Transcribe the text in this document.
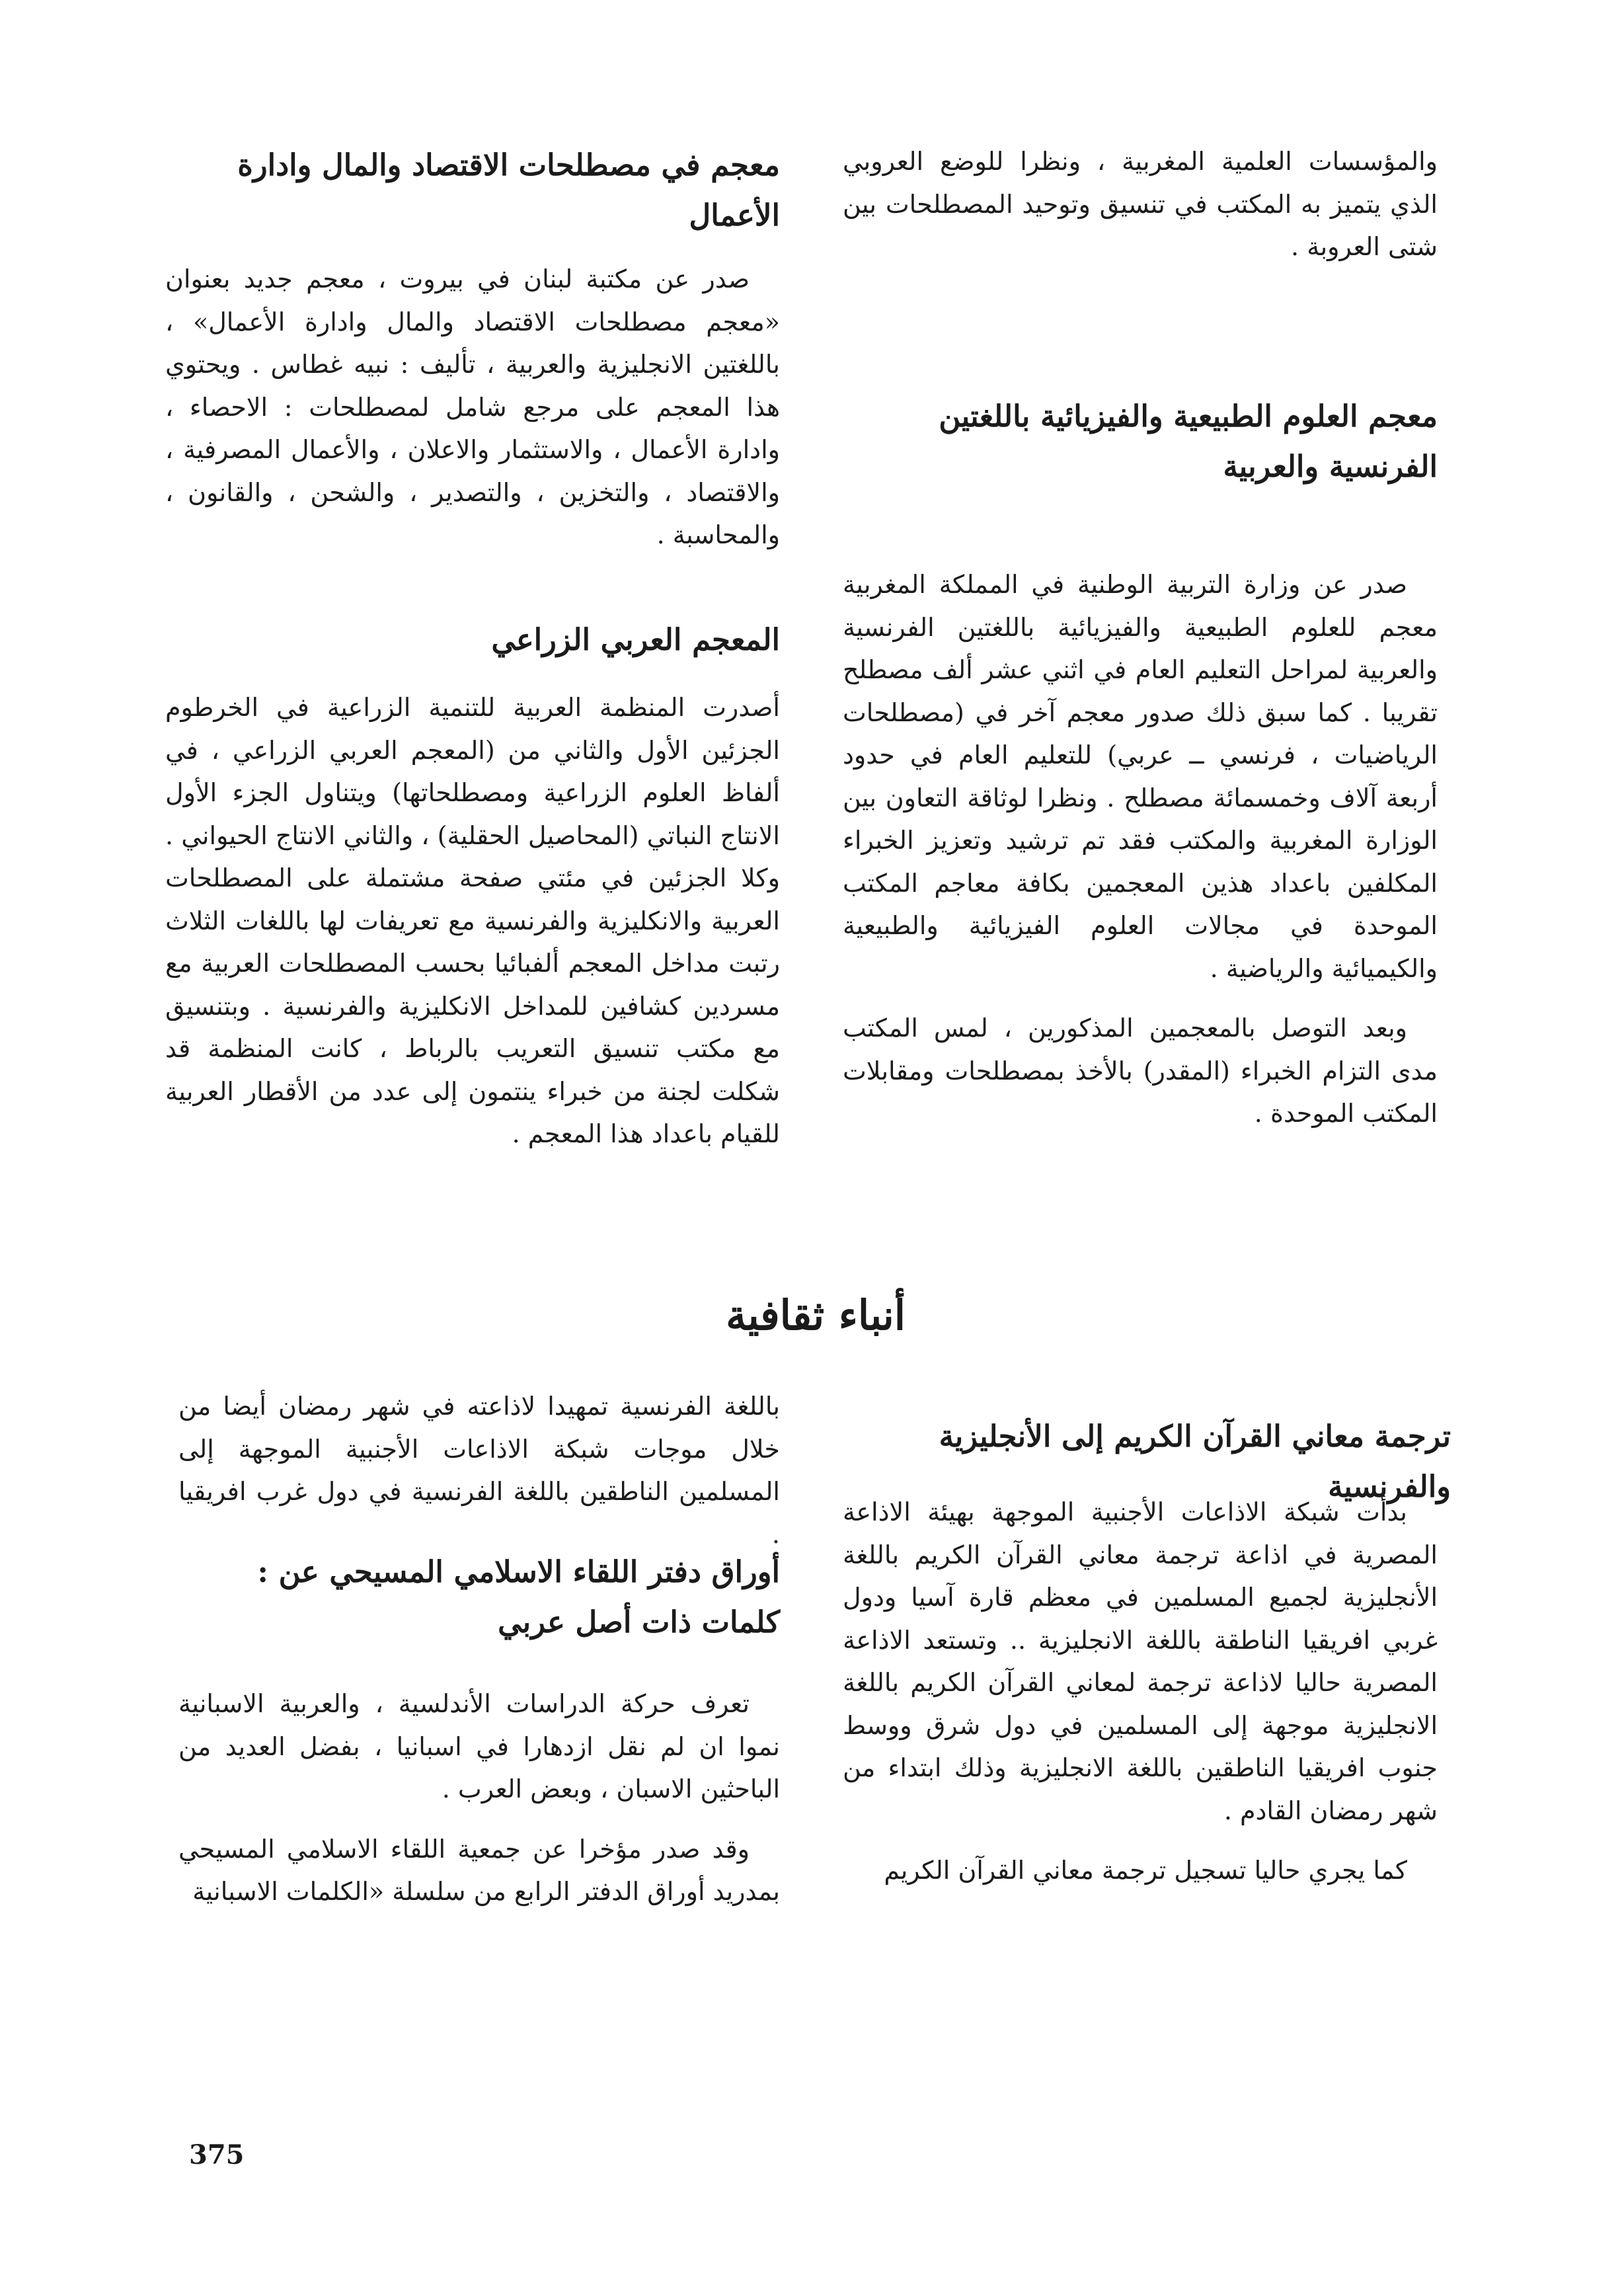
والمؤسسات العلمية المغربية ، ونظرا للوضع العروبي الذي يتميز به المكتب في تنسيق وتوحيد المصطلحات بين شتى العروبة .

معجم العلوم الطبيعية والفيزيائية باللغتين الفرنسية والعربية

صدر عن وزارة التربية الوطنية في المملكة المغربية معجم للعلوم الطبيعية والفيزيائية باللغتين الفرنسية والعربية لمراحل التعليم العام في اثني عشر ألف مصطلح تقريبا . كما سبق ذلك صدور معجم آخر في (مصطلحات الرياضيات ، فرنسي ــ عربي) للتعليم العام في حدود أربعة آلاف وخمسمائة مصطلح . ونظرا لوثاقة التعاون بين الوزارة المغربية والمكتب فقد تم ترشيد وتعزيز الخبراء المكلفين باعداد هذين المعجمين بكافة معاجم المكتب الموحدة في مجالات العلوم الفيزيائية والطبيعية والكيميائية والرياضية .

وبعد التوصل بالمعجمين المذكورين ، لمس المكتب مدى التزام الخبراء (المقدر) بالأخذ بمصطلحات ومقابلات المكتب الموحدة .

معجم في مصطلحات الاقتصاد والمال وادارة الأعمال

صدر عن مكتبة لبنان في بيروت ، معجم جديد بعنوان «معجم مصطلحات الاقتصاد والمال وادارة الأعمال» ، باللغتين الانجليزية والعربية ، تأليف : نبيه غطاس . ويحتوي هذا المعجم على مرجع شامل لمصطلحات : الاحصاء ، وادارة الأعمال ، والاستثمار والاعلان ، والأعمال المصرفية ، والاقتصاد ، والتخزين ، والتصدير ، والشحن ، والقانون ، والمحاسبة .

المعجم العربي الزراعي

أصدرت المنظمة العربية للتنمية الزراعية في الخرطوم الجزئين الأول والثاني من (المعجم العربي الزراعي ، في ألفاظ العلوم الزراعية ومصطلحاتها) ويتناول الجزء الأول الانتاج النباتي (المحاصيل الحقلية) ، والثاني الانتاج الحيواني . وكلا الجزئين في مئتي صفحة مشتملة على المصطلحات العربية والانكليزية والفرنسية مع تعريفات لها باللغات الثلاث رتبت مداخل المعجم ألفبائيا بحسب المصطلحات العربية مع مسردين كشافين للمداخل الانكليزية والفرنسية . وبتنسيق مع مكتب تنسيق التعريب بالرباط ، كانت المنظمة قد شكلت لجنة من خبراء ينتمون إلى عدد من الأقطار العربية للقيام باعداد هذا المعجم .

أنباء ثقافية
ترجمة معاني القرآن الكريم إلى الأنجليزية والفرنسية

بدأت شبكة الاذاعات الأجنبية الموجهة بهيئة الاذاعة المصرية في اذاعة ترجمة معاني القرآن الكريم باللغة الأنجليزية لجميع المسلمين في معظم قارة آسيا ودول غربي افريقيا الناطقة باللغة الانجليزية .. وتستعد الاذاعة المصرية حاليا لاذاعة ترجمة لمعاني القرآن الكريم باللغة الانجليزية موجهة إلى المسلمين في دول شرق ووسط جنوب افريقيا الناطقين باللغة الانجليزية وذلك ابتداء من شهر رمضان القادم .

كما يجري حاليا تسجيل ترجمة معاني القرآن الكريم

باللغة الفرنسية تمهيدا لاذاعته في شهر رمضان أيضا من خلال موجات شبكة الاذاعات الأجنبية الموجهة إلى المسلمين الناطقين باللغة الفرنسية في دول غرب افريقيا .

أوراق دفتر اللقاء الاسلامي المسيحي عن : كلمات ذات أصل عربي

تعرف حركة الدراسات الأندلسية ، والعربية الاسبانية نموا ان لم نقل ازدهارا في اسبانيا ، بفضل العديد من الباحثين الاسبان ، وبعض العرب .

وقد صدر مؤخرا عن جمعية اللقاء الاسلامي المسيحي بمدريد أوراق الدفتر الرابع من سلسلة «الكلمات الاسبانية

375
